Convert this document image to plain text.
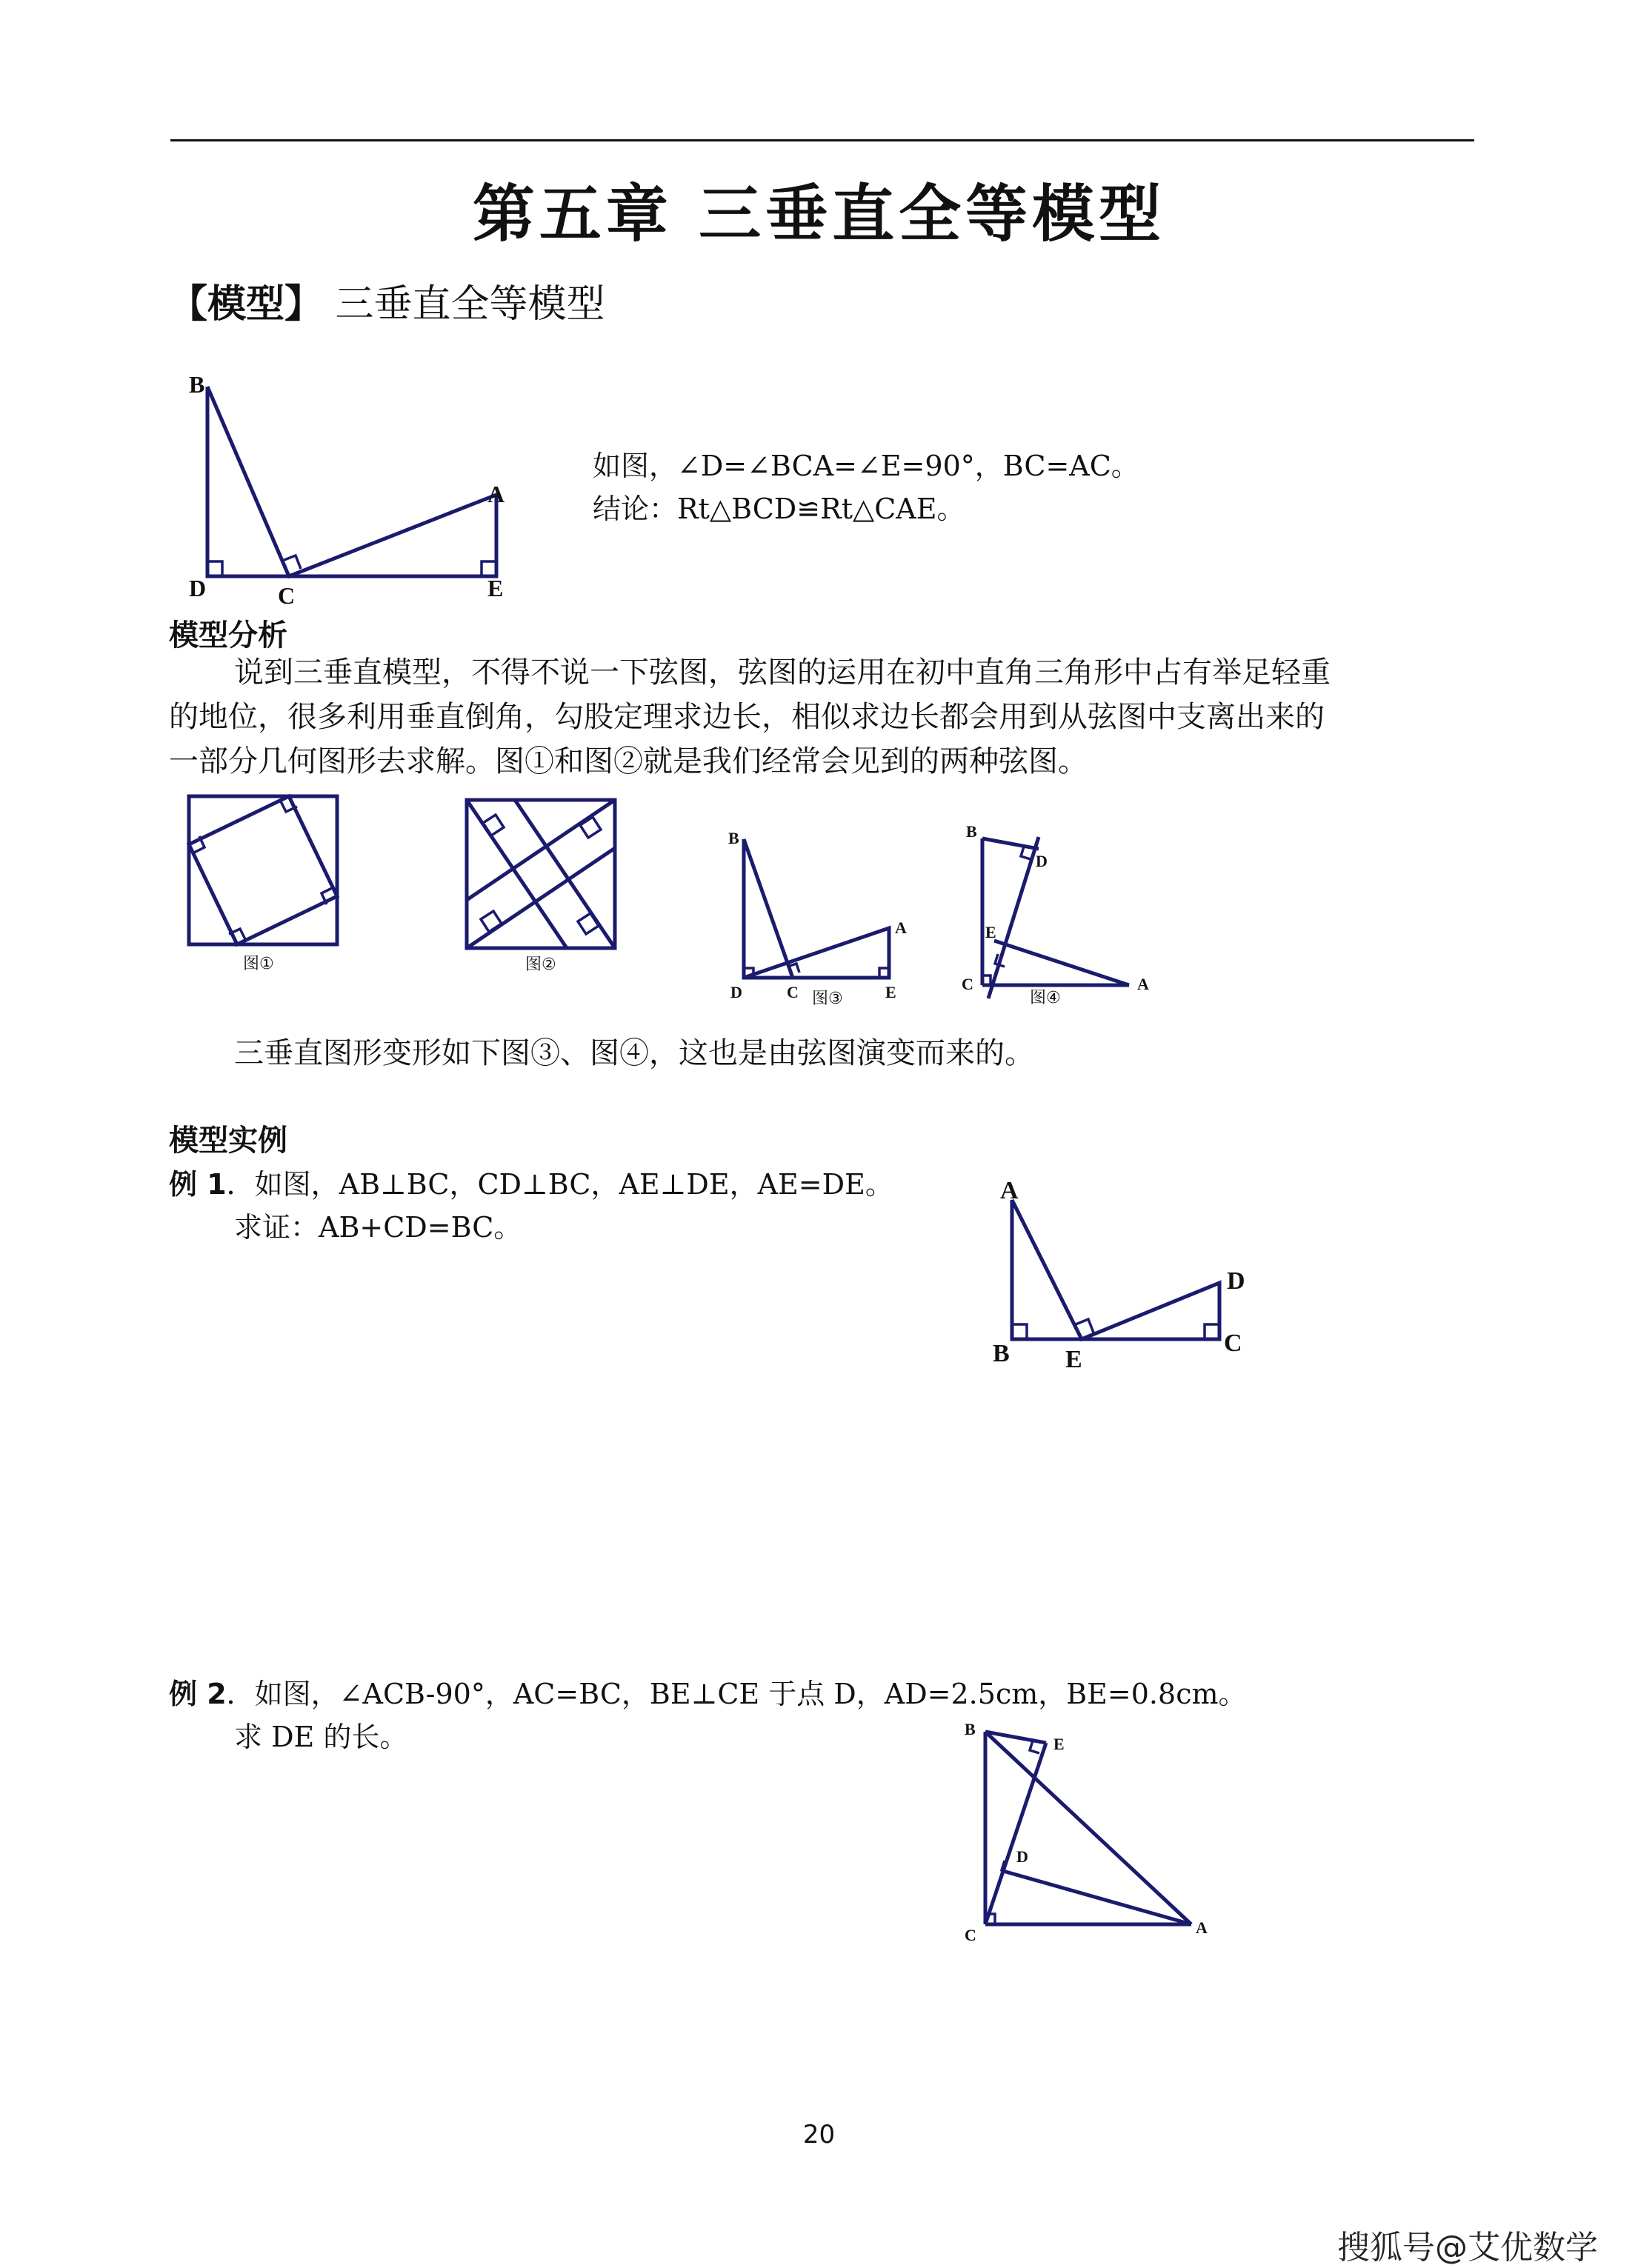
第五章 三垂直全等模型
【模型】 三垂直全等模型
B
D	C	E
A
如图，∠D=∠BCA=∠E=90°，BC=AC。
结论：Rt△BCD≌Rt△CAE。
模型分析
说到三垂直模型，不得不说一下弦图，弦图的运用在初中直角三角形中占有举足轻重
的地位，很多利用垂直倒角，勾股定理求边长，相似求边长都会用到从弦图中支离出来的
一部分几何图形去求解。图①和图②就是我们经常会见到的两种弦图。
图①	图②
B
D	C	E
A
图③
B
D
E
C	A
图④
三垂直图形变形如下图③、图④，这也是由弦图演变而来的。
模型实例
例 1．如图，AB⊥BC，CD⊥BC，AE⊥DE，AE=DE。
求证：AB+CD=BC。
A
B E
D
C
例 2．如图，∠ACB-90°，AC=BC，BE⊥CE 于点 D，AD=2.5cm，BE=0.8cm。
求 DE 的长。	B
E
D
C	A
20
搜狐号@艾优数学
